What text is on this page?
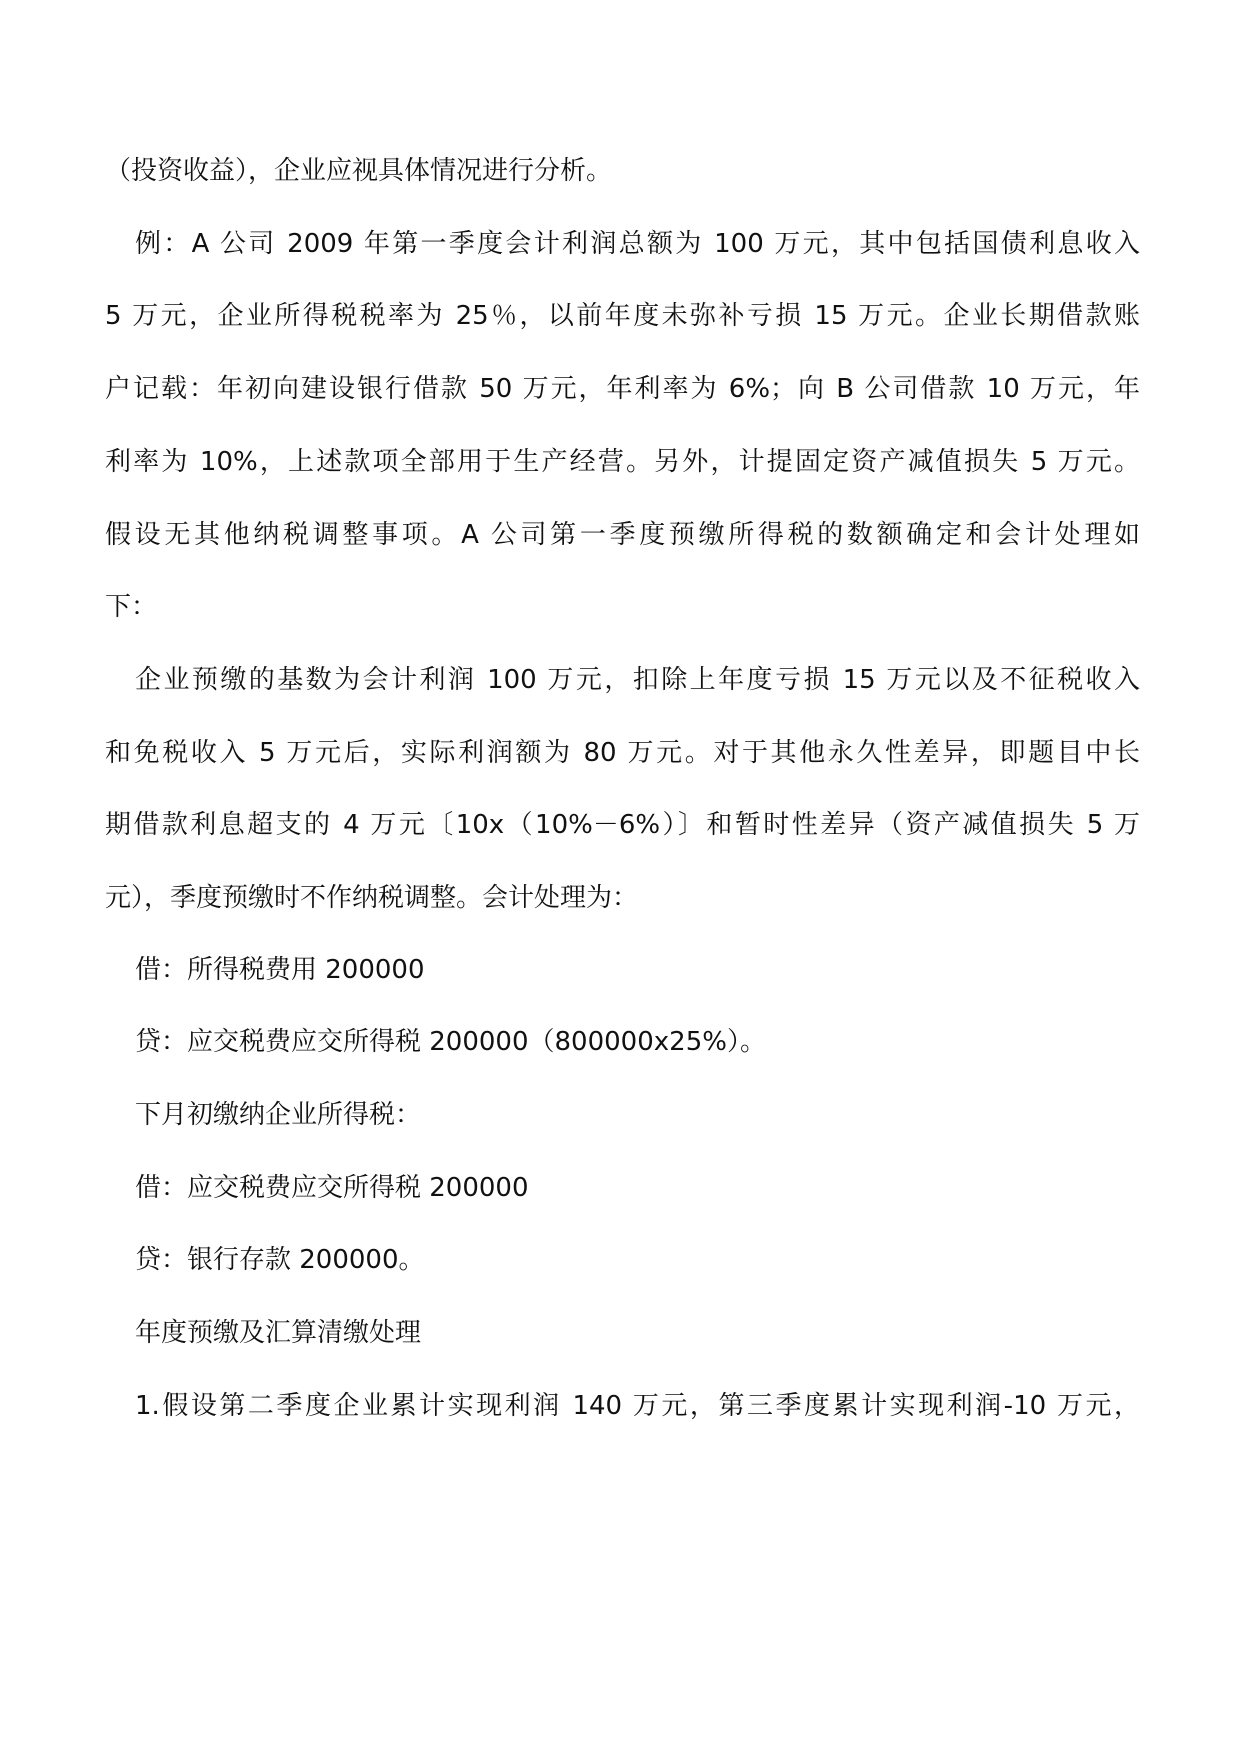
（投资收益），企业应视具体情况进行分析。
例：A 公司 2009 年第一季度会计利润总额为 100 万元，其中包括国债利息收入
5 万元，企业所得税税率为 25％，以前年度未弥补亏损 15 万元。企业长期借款账
户记载：年初向建设银行借款 50 万元，年利率为 6%；向 B 公司借款 10 万元，年
利率为 10%，上述款项全部用于生产经营。另外，计提固定资产减值损失 5 万元。
假设无其他纳税调整事项。A 公司第一季度预缴所得税的数额确定和会计处理如
下：
企业预缴的基数为会计利润 100 万元，扣除上年度亏损 15 万元以及不征税收入
和免税收入 5 万元后，实际利润额为 80 万元。对于其他永久性差异，即题目中长
期借款利息超支的 4 万元〔10x（10%－6%）〕和暂时性差异（资产减值损失 5 万
元），季度预缴时不作纳税调整。会计处理为：
借：所得税费用 200000
贷：应交税费应交所得税 200000（800000x25%）。
下月初缴纳企业所得税：
借：应交税费应交所得税 200000
贷：银行存款 200000。
年度预缴及汇算清缴处理
1.假设第二季度企业累计实现利润 140 万元，第三季度累计实现利润-10 万元，
